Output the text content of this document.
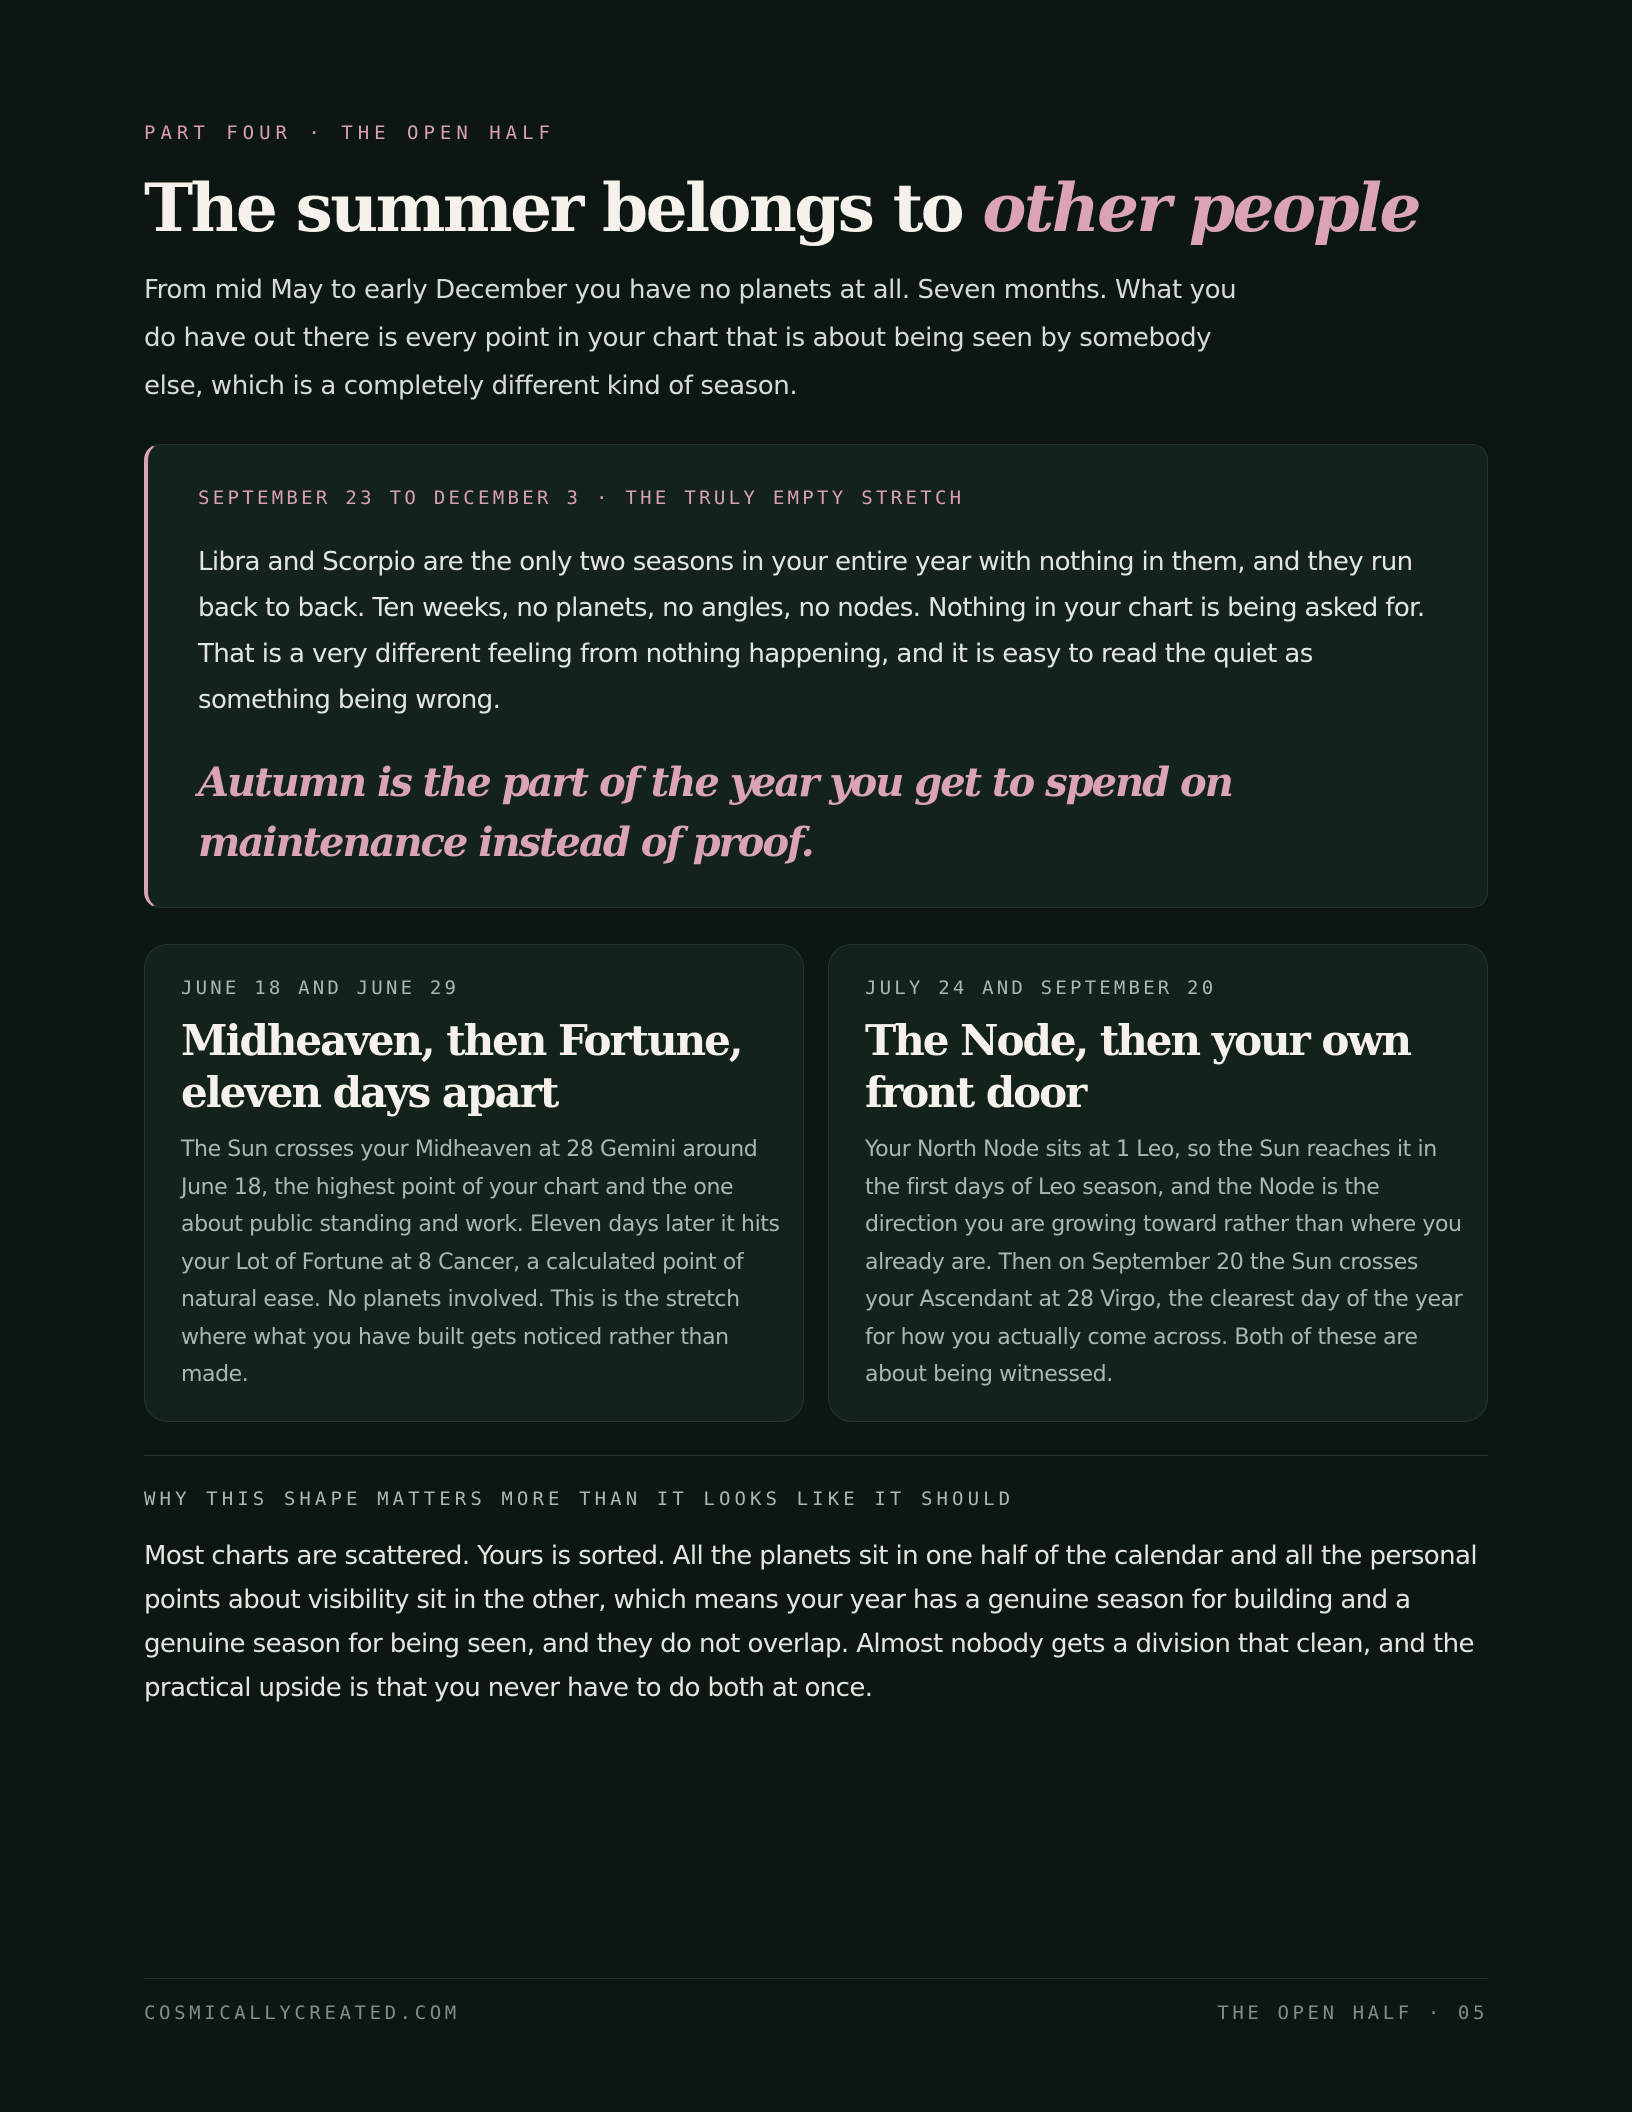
PART FOUR · THE OPEN HALF
The summer belongs to other people

From mid May to early December you have no planets at all. Seven months. What you do have out there is every point in your chart that is about being seen by somebody else, which is a completely different kind of season.

SEPTEMBER 23 TO DECEMBER 3 · THE TRULY EMPTY STRETCH

Libra and Scorpio are the only two seasons in your entire year with nothing in them, and they run back to back. Ten weeks, no planets, no angles, no nodes. Nothing in your chart is being asked for. That is a very different feeling from nothing happening, and it is easy to read the quiet as something being wrong.

Autumn is the part of the year you get to spend on maintenance instead of proof.

JUNE 18 AND JUNE 29
Midheaven, then Fortune, eleven days apart

The Sun crosses your Midheaven at 28 Gemini around June 18, the highest point of your chart and the one about public standing and work. Eleven days later it hits your Lot of Fortune at 8 Cancer, a calculated point of natural ease. No planets involved. This is the stretch where what you have built gets noticed rather than made.

JULY 24 AND SEPTEMBER 20
The Node, then your own front door

Your North Node sits at 1 Leo, so the Sun reaches it in the first days of Leo season, and the Node is the direction you are growing toward rather than where you already are. Then on September 20 the Sun crosses your Ascendant at 28 Virgo, the clearest day of the year for how you actually come across. Both of these are about being witnessed.

WHY THIS SHAPE MATTERS MORE THAN IT LOOKS LIKE IT SHOULD

Most charts are scattered. Yours is sorted. All the planets sit in one half of the calendar and all the personal points about visibility sit in the other, which means your year has a genuine season for building and a genuine season for being seen, and they do not overlap. Almost nobody gets a division that clean, and the practical upside is that you never have to do both at once.

COSMICALLYCREATED.COM	THE OPEN HALF · 05
